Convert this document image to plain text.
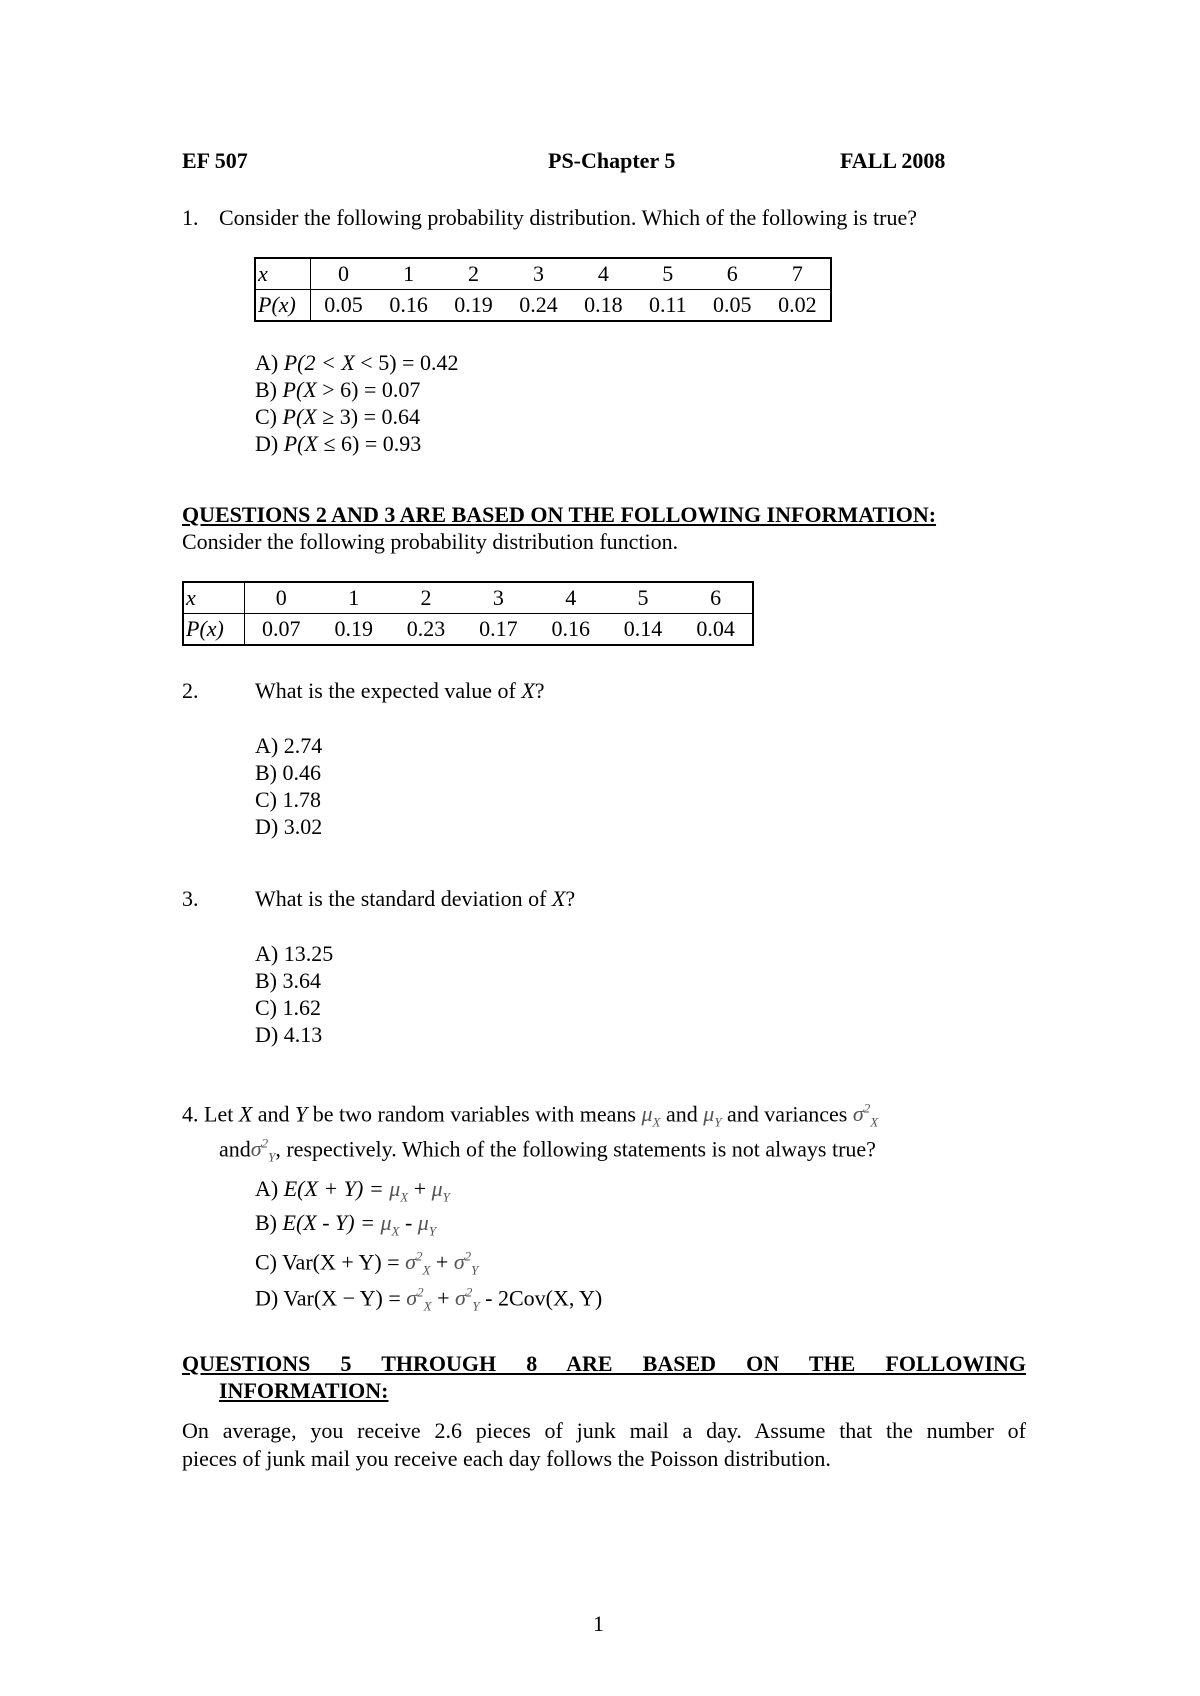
EF 507	PS-Chapter 5	FALL 2008
1. Consider the following probability distribution. Which of the following is true?
x	0	1	2	3	4	5	6	7
P(x)	0.05	0.16	0.19	0.24	0.18	0.11	0.05	0.02
A) P(2 < X < 5) = 0.42
B) P(X > 6) = 0.07
C) P(X ≥ 3) = 0.64
D) P(X ≤ 6) = 0.93
QUESTIONS 2 AND 3 ARE BASED ON THE FOLLOWING INFORMATION:
Consider the following probability distribution function.
x	0	1	2	3	4	5	6
P(x)	0.07	0.19	0.23	0.17	0.16	0.14	0.04
2.	What is the expected value of X?
A) 2.74
B) 0.46
C) 1.78
D) 3.02
3.	What is the standard deviation of X?
A) 13.25
B) 3.64
C) 1.62
D) 4.13
4. Let X and Y be two random variables with means $\mu_X$ and $\mu_Y$ and variances $\sigma^2_X$
andσ$^2_Y$, respectively. Which of the following statements is not always true?
A) $E(X + Y) = \mu_X + \mu_Y$
B) $E(X - Y) = \mu_X - \mu_Y$
C) $Var(X + Y) = \sigma^2_X + \sigma^2_Y$
D) $Var(X - Y) = \sigma^2_X + \sigma^2_Y - 2Cov(X$, Y)
QUESTIONS 5 THROUGH 8 ARE BASED ON THE FOLLOWING
INFORMATION:
On average, you receive 2.6 pieces of junk mail a day. Assume that the number of
pieces of junk mail you receive each day follows the Poisson distribution.
1
